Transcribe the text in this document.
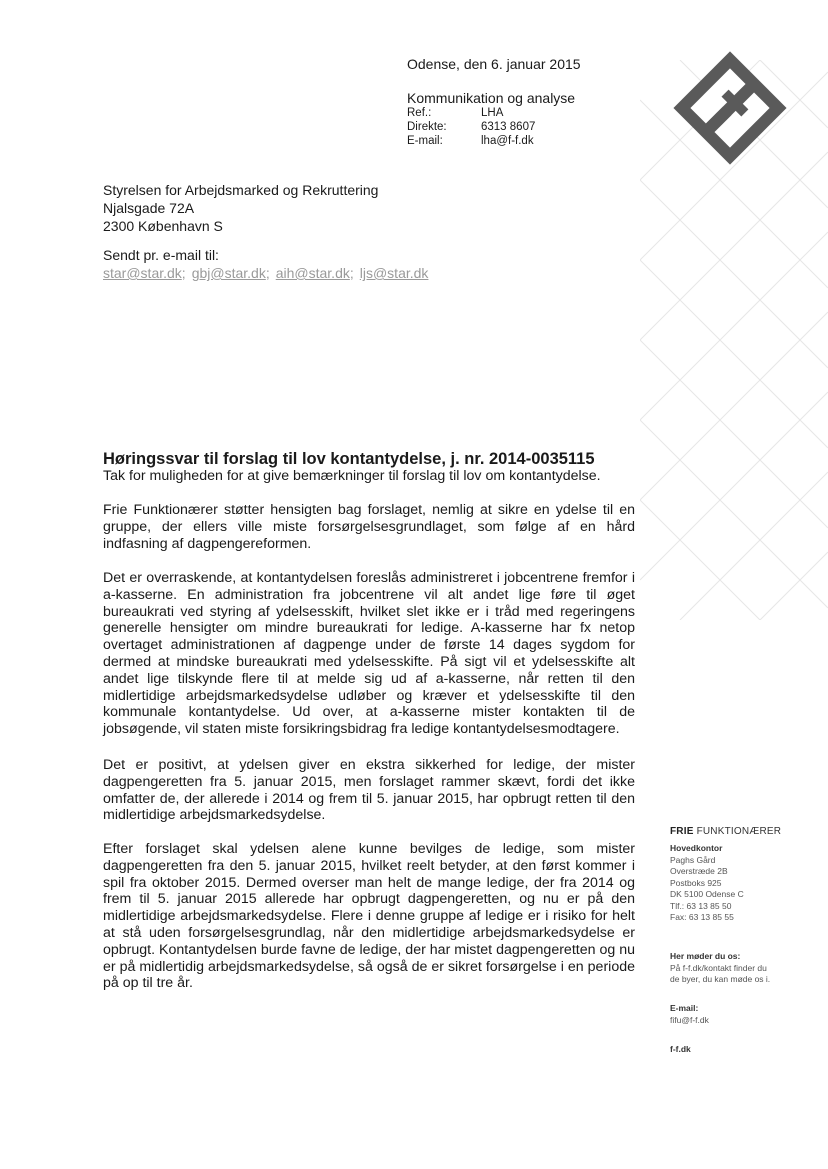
Odense, den 6. januar 2015
Kommunikation og analyse
Ref.:	LHA
Direkte:	6313 8607
E-mail:	lha@f-f.dk
Styrelsen for Arbejdsmarked og Rekruttering
Njalsgade 72A
2300 København S
Sendt pr. e-mail til:
star@star.dk ; gbj@star.dk ; aih@star.dk ; ljs@star.dk
Høringssvar til forslag til lov kontantydelse, j. nr. 2014-0035115
Tak for muligheden for at give bemærkninger til forslag til lov om kontantydelse.
Frie Funktionærer støtter hensigten bag forslaget, nemlig at sikre en ydelse til en gruppe, der ellers ville miste forsørgelsesgrundlaget, som følge af en hård indfasning af dagpengereformen.
Det er overraskende, at kontantydelsen foreslås administreret i jobcentrene fremfor i a-kasserne. En administration fra jobcentrene vil alt andet lige føre til øget bureaukrati ved styring af ydelsesskift, hvilket slet ikke er i tråd med regeringens generelle hensigter om mindre bureaukrati for ledige. A-kasserne har fx netop overtaget administrationen af dagpenge under de første 14 dages sygdom for dermed at mindske bureaukrati med ydelsesskifte. På sigt vil et ydelsesskifte alt andet lige tilskynde flere til at melde sig ud af a-kasserne, når retten til den midlertidige arbejdsmarkedsydelse udløber og kræver et ydelsesskifte til den kommunale kontantydelse. Ud over, at a-kasserne mister kontakten til de jobsøgende, vil staten miste forsikringsbidrag fra ledige kontantydelsesmodtagere.
Det er positivt, at ydelsen giver en ekstra sikkerhed for ledige, der mister dagpengeretten fra 5. januar 2015, men forslaget rammer skævt, fordi det ikke omfatter de, der allerede i 2014 og frem til 5. januar 2015, har opbrugt retten til den midlertidige arbejdsmarkedsydelse.
Efter forslaget skal ydelsen alene kunne bevilges de ledige, som mister dagpengeretten fra den 5. januar 2015, hvilket reelt betyder, at den først kommer i spil fra oktober 2015. Dermed overser man helt de mange ledige, der fra 2014 og frem til 5. januar 2015 allerede har opbrugt dagpengeretten, og nu er på den midlertidige arbejdsmarkedsydelse. Flere i denne gruppe af ledige er i risiko for helt at stå uden forsørgelsesgrundlag, når den midlertidige arbejdsmarkedsydelse er opbrugt. Kontantydelsen burde favne de ledige, der har mistet dagpengeretten og nu er på midlertidig arbejdsmarkedsydelse, så også de er sikret forsørgelse i en periode på op til tre år.
FRIE FUNKTIONÆRER
Hovedkontor
Paghs Gård
Overstræde 2B
Postboks 925
DK 5100 Odense C
Tlf.: 63 13 85 50
Fax: 63 13 85 55
Her møder du os:
På f-f.dk/kontakt finder du
de byer, du kan møde os i.
E-mail:
fifu@f-f.dk
f-f.dk
